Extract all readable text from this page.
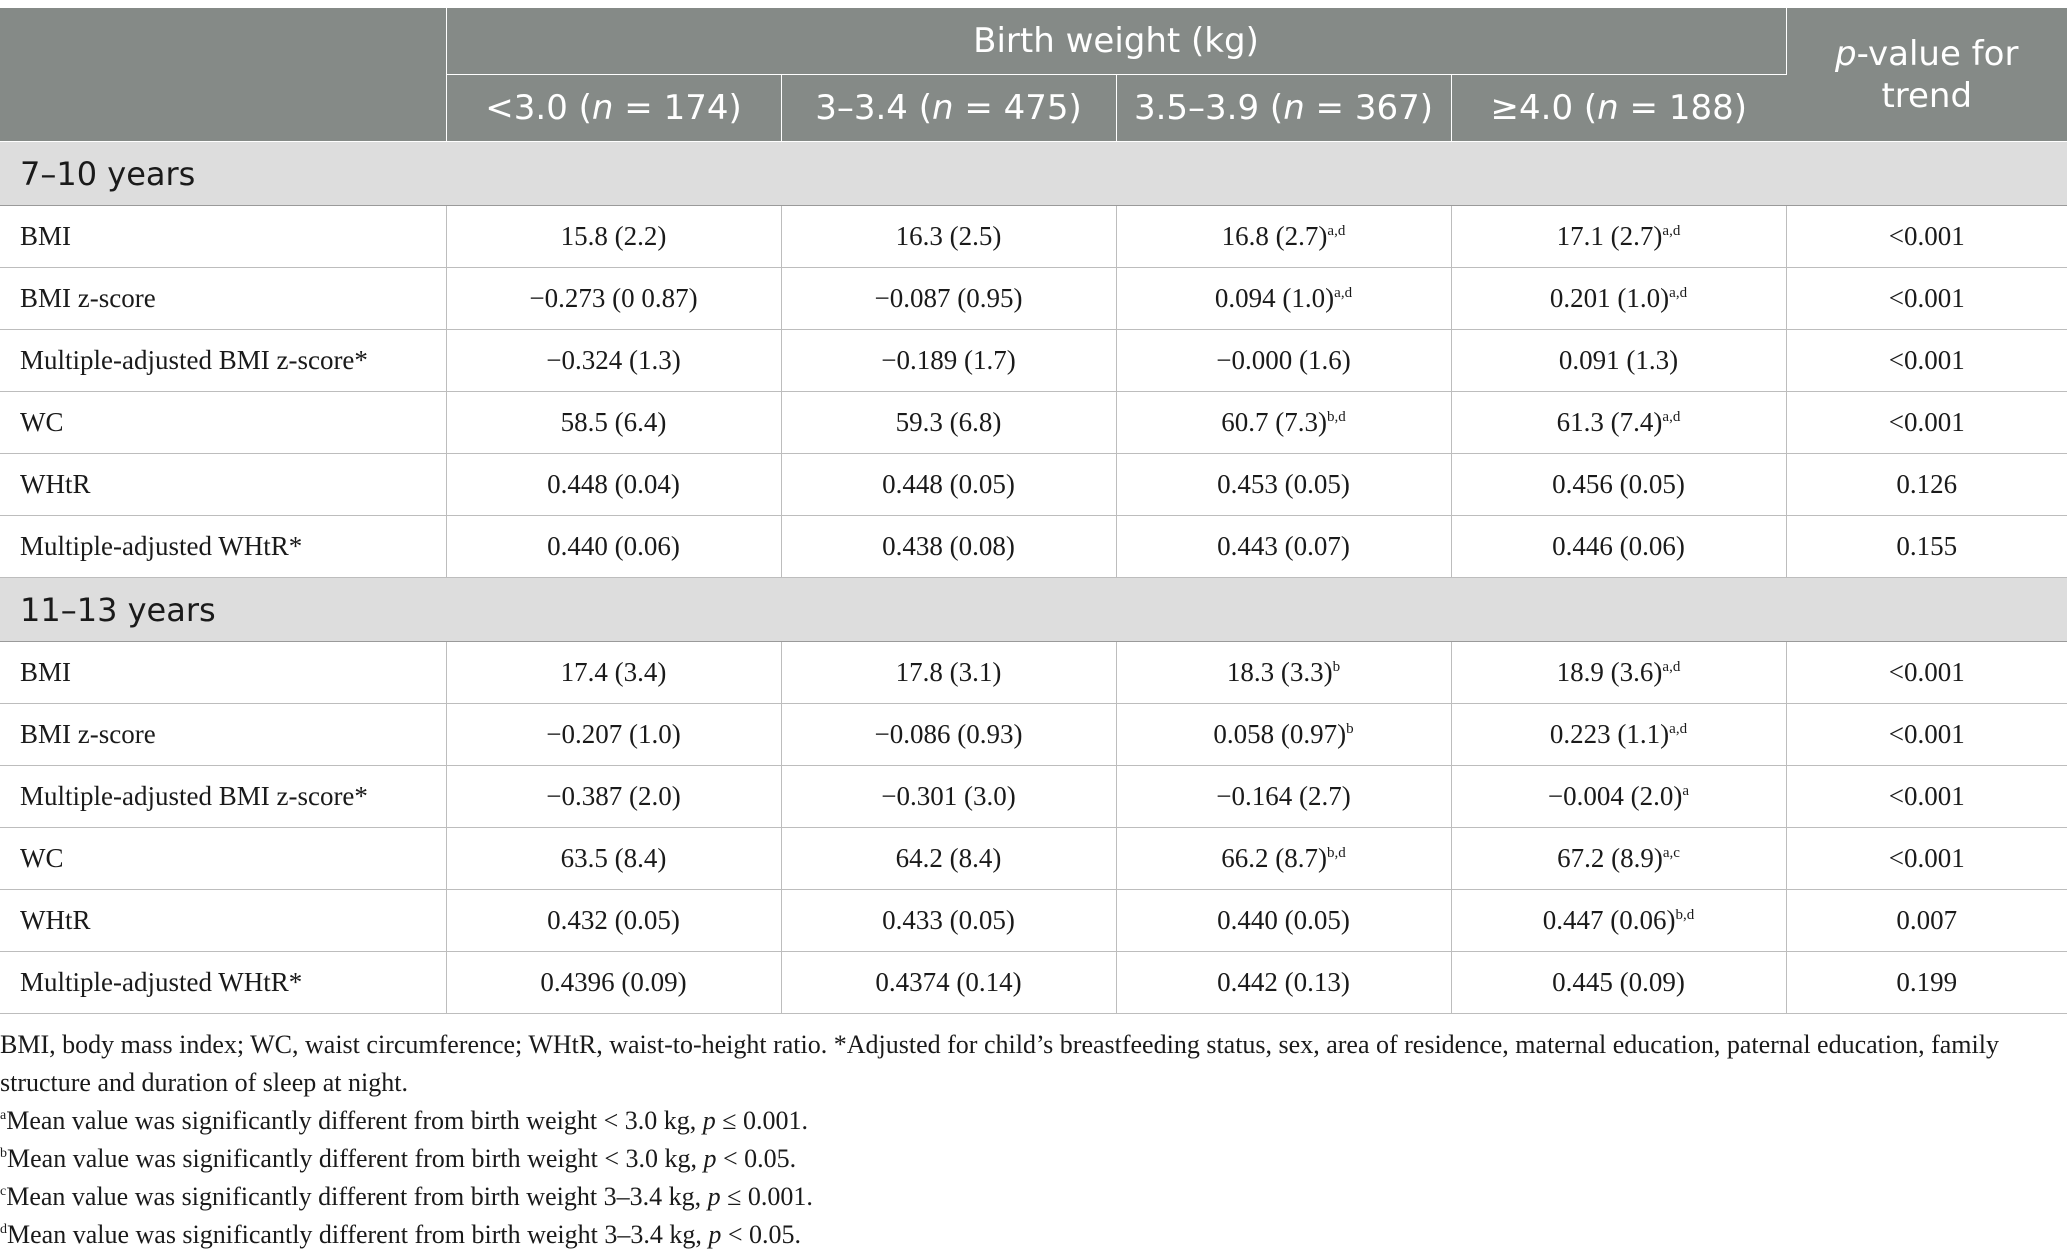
	Birth weight (kg)				p-value for trend
	<3.0 (n = 174)	3–3.4 (n = 475)	3.5–3.9 (n = 367)	≥4.0 (n = 188)	
7–10 years					
BMI	15.8 (2.2)	16.3 (2.5)	16.8 $(2.7)^{a,d}$	17.1 $(2.7)^{a,d}$	<0.001
BMI z-score	−0.273 (0 0.87)	−0.087 (0.95)	0.094 $(1.0)^{a,d}$	0.201 $(1.0)^{a,d}$	<0.001
Multiple-adjusted BMI z-score*	−0.324 (1.3)	−0.189 (1.7)	−0.000 (1.6)	0.091 (1.3)	<0.001
WC	58.5 (6.4)	59.3 (6.8)	60.7 $(7.3)^{b,d}$	61.3 $(7.4)^{a,d}$	<0.001
WHtR	0.448 (0.04)	0.448 (0.05)	0.453 (0.05)	0.456 (0.05)	0.126
Multiple-adjusted WHtR*	0.440 (0.06)	0.438 (0.08)	0.443 (0.07)	0.446 (0.06)	0.155
11–13 years					
BMI	17.4 (3.4)	17.8 (3.1)	18.3 $(3.3)^b$	18.9 $(3.6)^{a,d}$	<0.001
BMI z-score	−0.207 (1.0)	−0.086 (0.93)	0.058 $(0.97)^b$	0.223 $(1.1)^{a,d}$	<0.001
Multiple-adjusted BMI z-score*	−0.387 (2.0)	−0.301 (3.0)	−0.164 (2.7)	−0.004 $(2.0)^a$	<0.001
WC	63.5 (8.4)	64.2 (8.4)	66.2 $(8.7)^{b,d}$	67.2 $(8.9)^{a,c}$	<0.001
WHtR	0.432 (0.05)	0.433 (0.05)	0.440 (0.05)	0.447 $(0.06)^{b,d}$	0.007
Multiple-adjusted WHtR*	0.4396 (0.09)	0.4374 (0.14)	0.442 (0.13)	0.445 (0.09)	0.199

BMI, body mass index; WC, waist circumference; WHtR, waist-to-height ratio. *Adjusted for child’s breastfeeding status, sex, area of residence, maternal education, paternal education, family structure and duration of sleep at night.

$^a$Mean value was significantly different from birth weight < 3.0 kg, p ≤ 0.001.

$^b$Mean value was significantly different from birth weight < 3.0 kg, p < 0.05.

$^c$Mean value was significantly different from birth weight 3–3.4 kg, p ≤ 0.001.

$^d$Mean value was significantly different from birth weight 3–3.4 kg, p < 0.05.
